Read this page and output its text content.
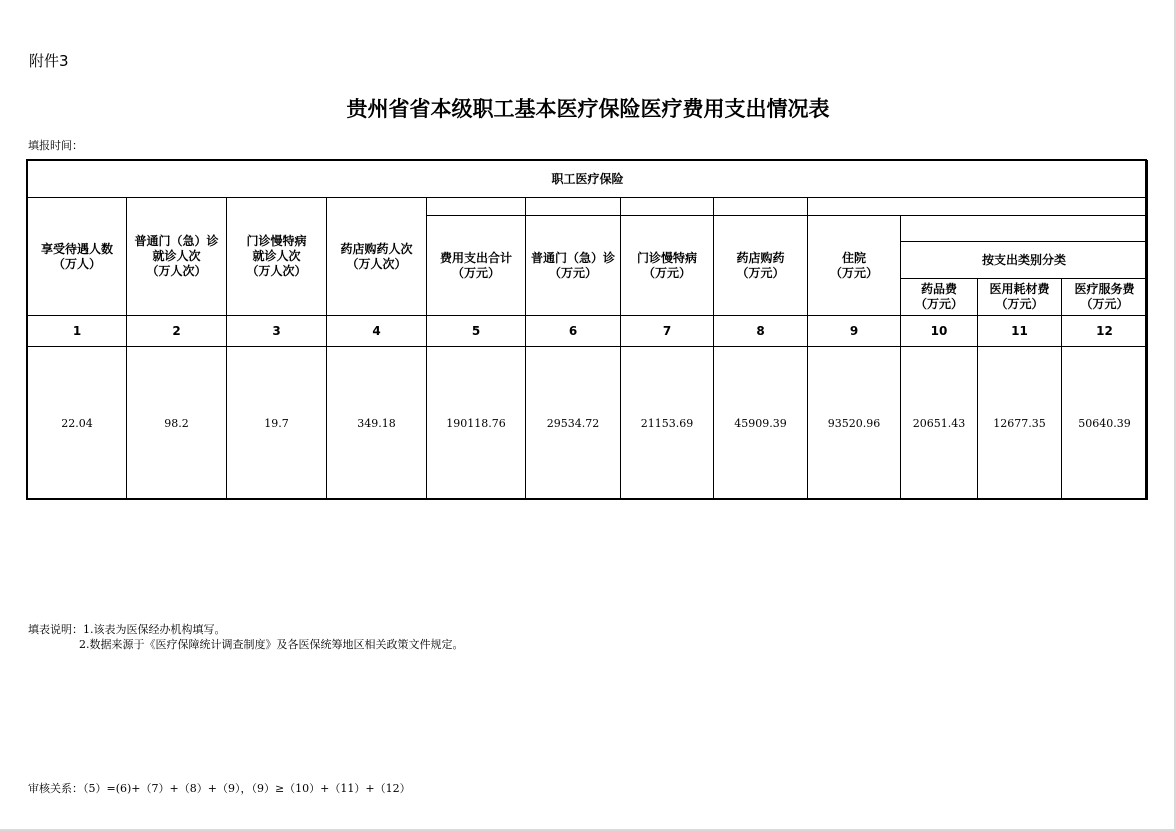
附件3
贵州省省本级职工基本医疗保险医疗费用支出情况表
填报时间：
职工医疗保险											
享受待遇人数
（万人）	普通门（急）诊
就诊人次
（万人次）	门诊慢特病
就诊人次
（万人次）	药店购药人次
（万人次）								
				费用支出合计
（万元）	普通门（急）诊
（万元）	门诊慢特病
（万元）	药店购药
（万元）	住院
（万元）			
									按支出类别分类		
									药品费
（万元）	医用耗材费
（万元）	医疗服务费
（万元）
1	2	3	4	5	6	7	8	9	10	11	12
22.04	98.2	19.7	349.18	190118.76	29534.72	21153.69	45909.39	93520.96	20651.43	12677.35	50640.39
填表说明：1.该表为医保经办机构填写。
2.数据来源于《医疗保障统计调查制度》及各医保统筹地区相关政策文件规定。
审核关系：（5）=(6)+（7）+（8）+（9），（9）≥（10）+（11）+（12）
